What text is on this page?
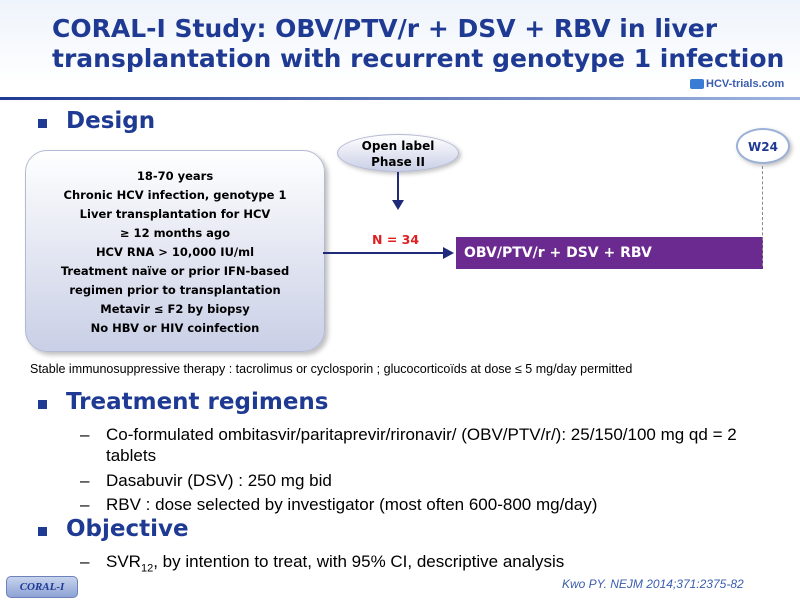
CORAL-I Study: OBV/PTV/r + DSV + RBV in liver
transplantation with recurrent genotype 1 infection
HCV-trials.com
Design
18-70 years
Chronic HCV infection, genotype 1
Liver transplantation for HCV
≥ 12 months ago
HCV RNA > 10,000 IU/ml
Treatment naïve or prior IFN-based
regimen prior to transplantation
Metavir ≤ F2 by biopsy
No HBV or HIV coinfection
Open label
Phase II
N = 34
OBV/PTV/r + DSV + RBV
W24
Stable immunosuppressive therapy : tacrolimus or cyclosporin ; glucocorticoïds at dose ≤ 5 mg/day permitted
Treatment regimens
– Co-formulated ombitasvir/paritaprevir/rironavir/ (OBV/PTV/r/): 25/150/100 mg qd = 2 tablets
– Dasabuvir (DSV) : 250 mg bid
– RBV : dose selected by investigator (most often 600-800 mg/day)
Objective
– $SVR_{12}$, by intention to treat, with 95% CI, descriptive analysis
CORAL-I	Kwo PY. NEJM 2014;371:2375-82
